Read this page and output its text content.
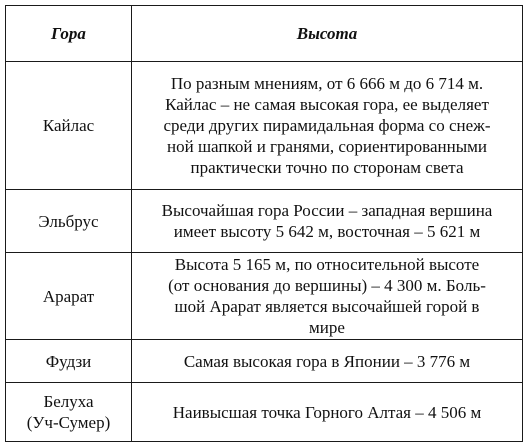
Гора	Высота

Кайлас	По разным мнениям, от 6 666 м до 6 714 м.
Кайлас – не самая высокая гора, ее выделяет
среди других пирамидальная форма со снеж-
ной шапкой и гранями, сориентированными
практически точно по сторонам света

Эльбрус	Высочайшая гора России – западная вершина
имеет высоту 5 642 м, восточная – 5 621 м

Арарат	Высота 5 165 м, по относительной высоте
(от основания до вершины) – 4 300 м. Боль-
шой Арарат является высочайшей горой в
мире

Фудзи	Самая высокая гора в Японии – 3 776 м

Белуха
(Уч-Сумер)	Наивысшая точка Горного Алтая – 4 506 м
